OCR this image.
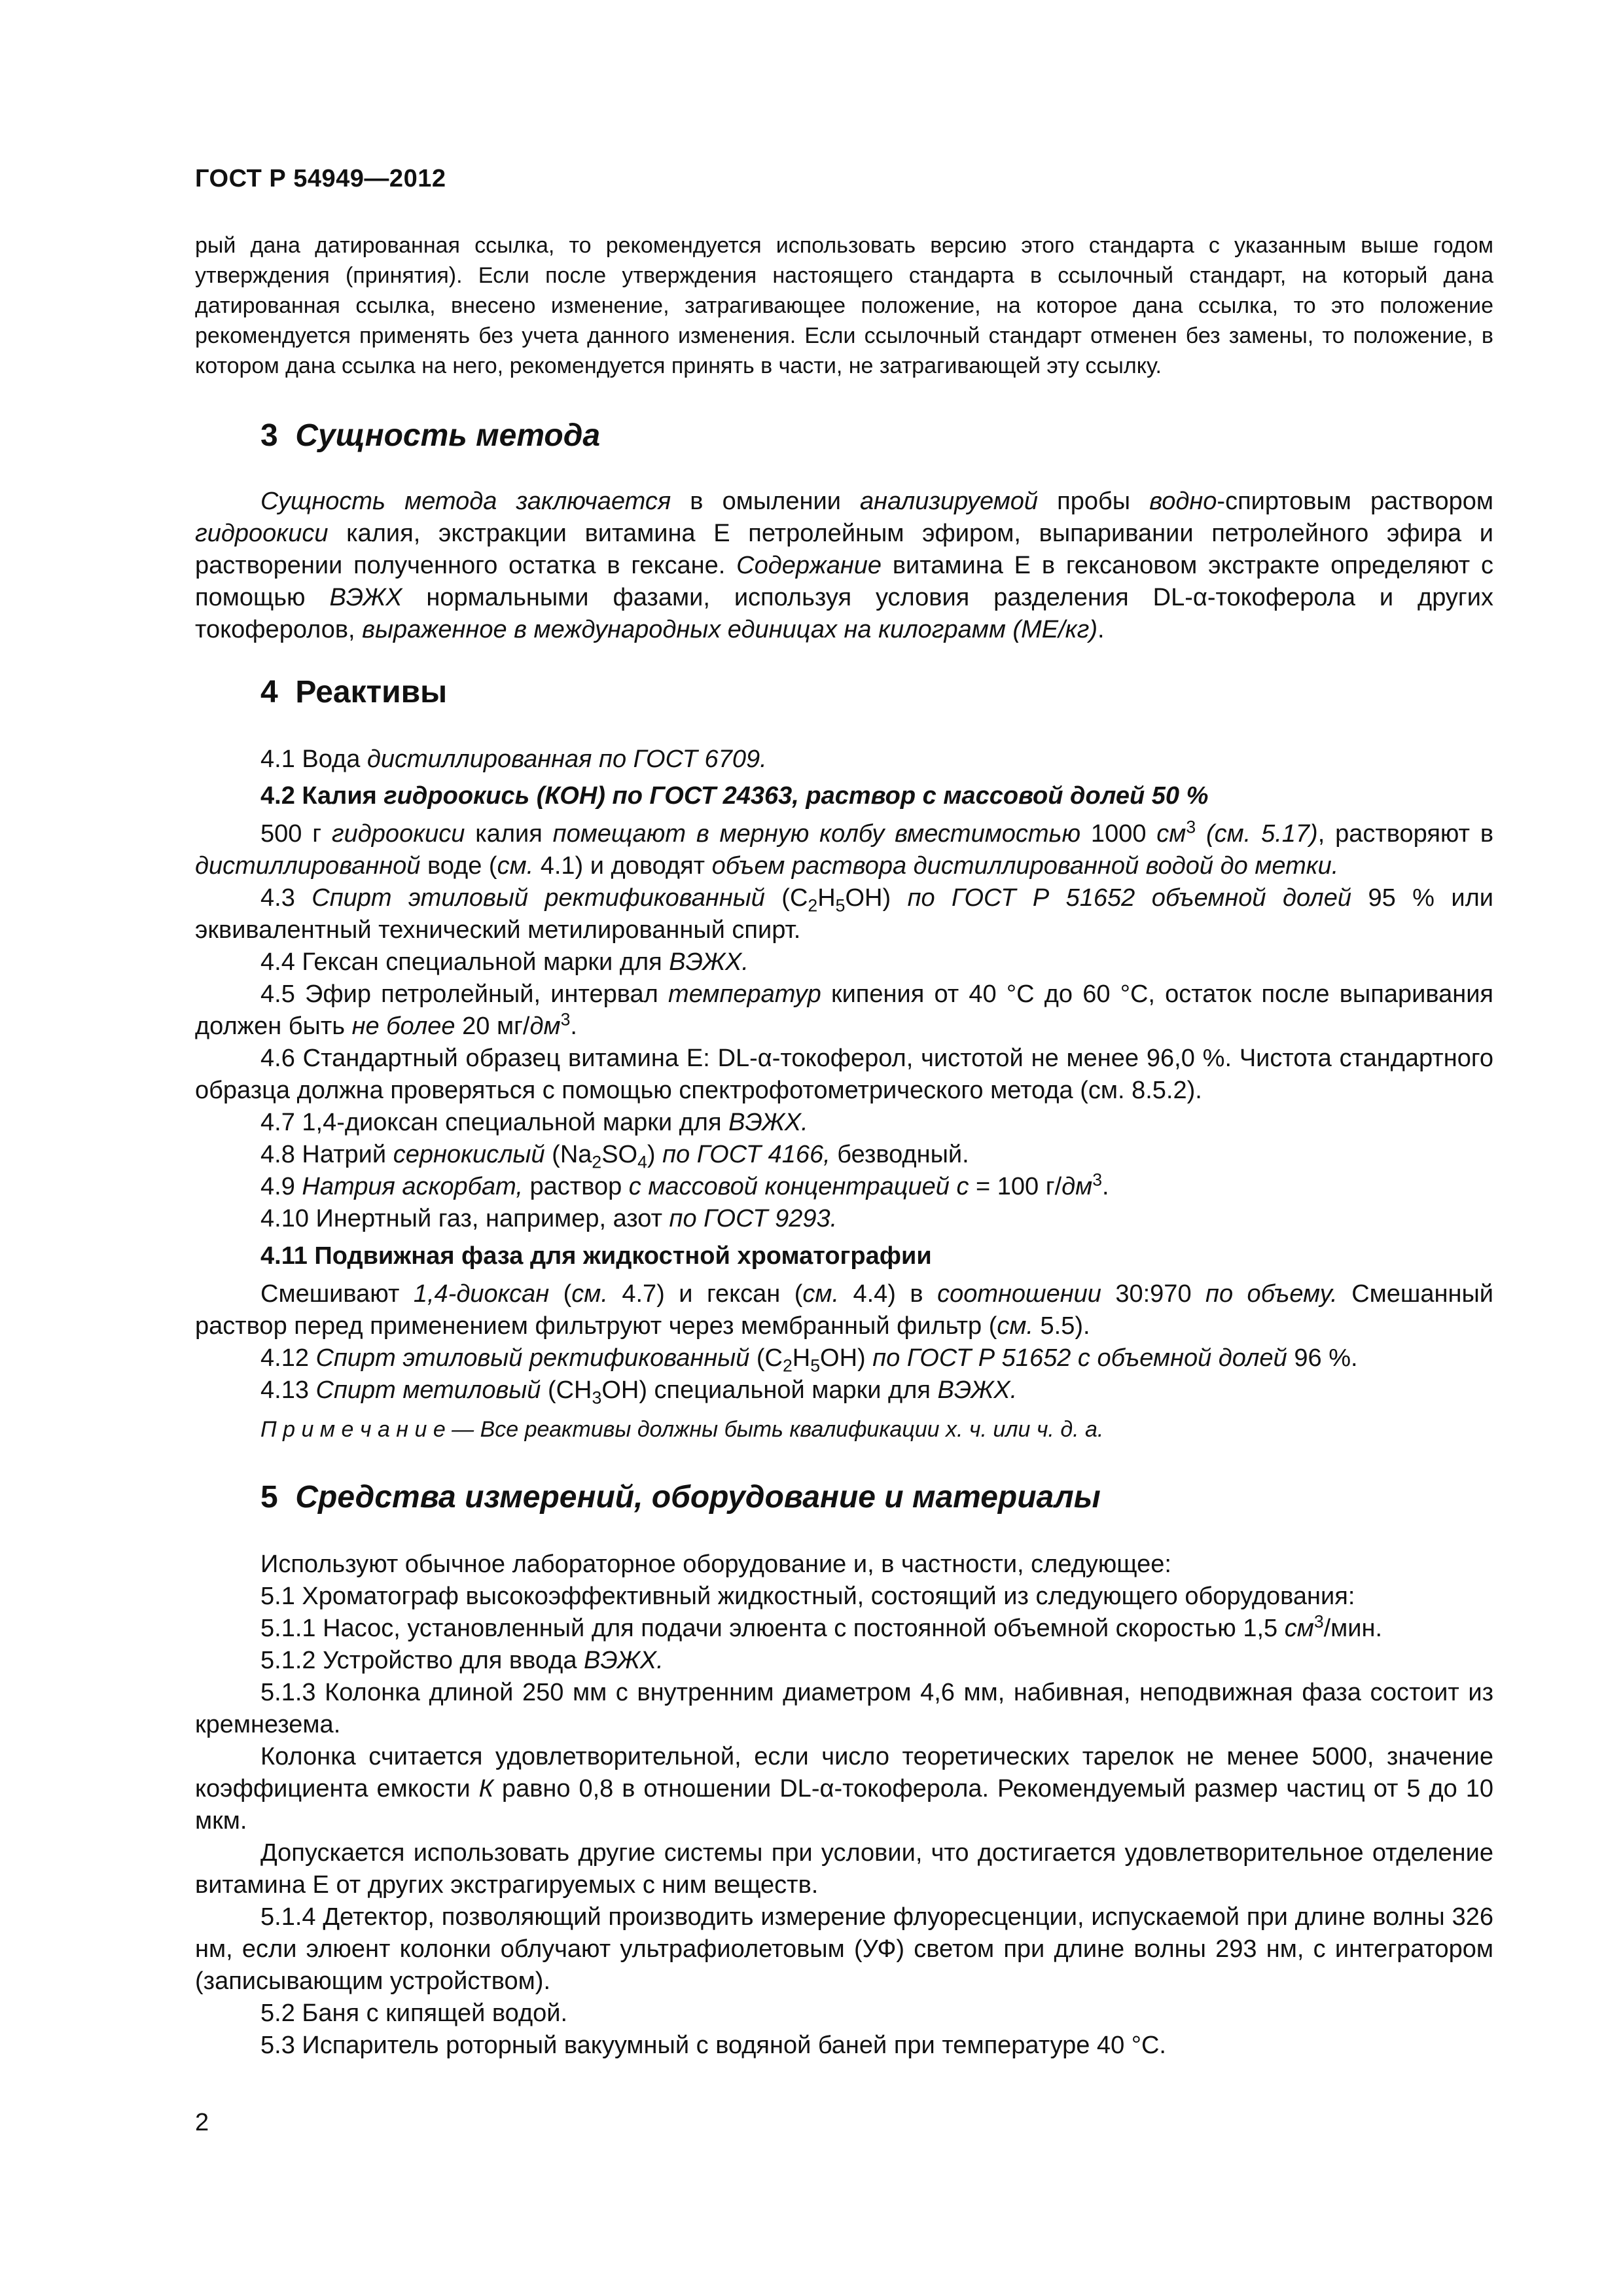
ГОСТ Р 54949—2012

рый дана датированная ссылка, то рекомендуется использовать версию этого стандарта с указанным выше годом утверждения (принятия). Если после утверждения настоящего стандарта в ссылочный стандарт, на который дана датированная ссылка, внесено изменение, затрагивающее положение, на которое дана ссылка, то это положение рекомендуется применять без учета данного изменения. Если ссылочный стандарт отменен без замены, то положение, в котором дана ссылка на него, рекомендуется принять в части, не затрагивающей эту ссылку.

3 Сущность метода

Сущность метода заключается в омылении анализируемой пробы водно-спиртовым раствором гидроокиси калия, экстракции витамина Е петролейным эфиром, выпаривании петролейного эфира и растворении полученного остатка в гексане. Содержание витамина Е в гексановом экстракте определяют с помощью ВЭЖХ нормальными фазами, используя условия разделения DL-α-токоферола и других токоферолов, выраженное в международных единицах на килограмм (МЕ/кг).

4 Реактивы

4.1 Вода дистиллированная по ГОСТ 6709.

4.2 Калия гидроокись (КОН) по ГОСТ 24363, раствор с массовой долей 50 %

500 г гидроокиси калия помещают в мерную колбу вместимостью 1000 $см^3$ (см. 5.17), растворяют в дистиллированной воде (см. 4.1) и доводят объем раствора дистиллированной водой до метки.

4.3 Спирт этиловый ректификованный $(C_2H_5OH)$ по ГОСТ Р 51652 объемной долей 95 % или эквивалентный технический метилированный спирт.

4.4 Гексан специальной марки для ВЭЖХ.

4.5 Эфир петролейный, интервал температур кипения от 40 °С до 60 °С, остаток после выпаривания должен быть не более 20 $мг/дм^3$.

4.6 Стандартный образец витамина Е: DL-α-токоферол, чистотой не менее 96,0 %. Чистота стандартного образца должна проверяться с помощью спектрофотометрического метода (см. 8.5.2).

4.7 1,4-диоксан специальной марки для ВЭЖХ.

4.8 Натрий сернокислый $(Na_2SO_4)$ по ГОСТ 4166, безводный.

4.9 Натрия аскорбат, раствор с массовой концентрацией с = 100 $г/дм^3$.

4.10 Инертный газ, например, азот по ГОСТ 9293.

4.11 Подвижная фаза для жидкостной хроматографии

Смешивают 1,4-диоксан (см. 4.7) и гексан (см. 4.4) в соотношении 30:970 по объему. Смешанный раствор перед применением фильтруют через мембранный фильтр (см. 5.5).

4.12 Спирт этиловый ректификованный $(C_2H_5OH)$ по ГОСТ Р 51652 с объемной долей 96 %.

4.13 Спирт метиловый $(CH_3OH)$ специальной марки для ВЭЖХ.

П р и м е ч а н и е — Все реактивы должны быть квалификации х. ч. или ч. д. а.

5 Средства измерений, оборудование и материалы

Используют обычное лабораторное оборудование и, в частности, следующее:

5.1 Хроматограф высокоэффективный жидкостный, состоящий из следующего оборудования:

5.1.1 Насос, установленный для подачи элюента с постоянной объемной скоростью 1,5 $см^3$/мин.

5.1.2 Устройство для ввода ВЭЖХ.

5.1.3 Колонка длиной 250 мм с внутренним диаметром 4,6 мм, набивная, неподвижная фаза состоит из кремнезема.

Колонка считается удовлетворительной, если число теоретических тарелок не менее 5000, значение коэффициента емкости К равно 0,8 в отношении DL-α-токоферола. Рекомендуемый размер частиц от 5 до 10 мкм.

Допускается использовать другие системы при условии, что достигается удовлетворительное отделение витамина Е от других экстрагируемых с ним веществ.

5.1.4 Детектор, позволяющий производить измерение флуоресценции, испускаемой при длине волны 326 нм, если элюент колонки облучают ультрафиолетовым (УФ) светом при длине волны 293 нм, с интегратором (записывающим устройством).

5.2 Баня с кипящей водой.

5.3 Испаритель роторный вакуумный с водяной баней при температуре 40 °С.

2
